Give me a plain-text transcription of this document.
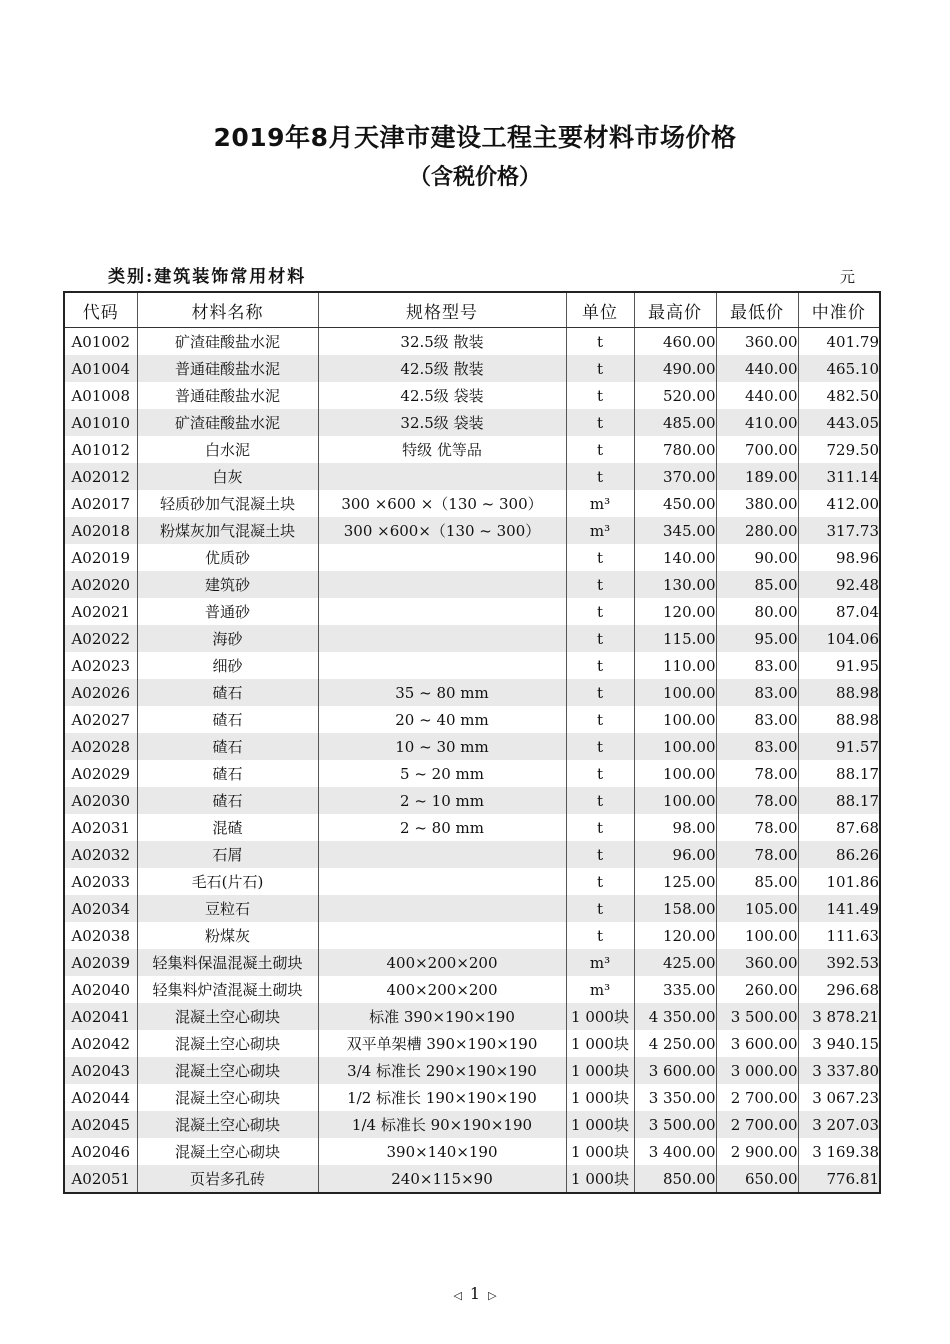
2019年8月天津市建设工程主要材料市场价格
（含税价格）
类别:建筑装饰常用材料	元
代码	材料名称	规格型号	单位	最高价	最低价	中准价
A01002	矿渣硅酸盐水泥	32.5级 散装	t	460.00	360.00	401.79
A01004	普通硅酸盐水泥	42.5级 散装	t	490.00	440.00	465.10
A01008	普通硅酸盐水泥	42.5级 袋装	t	520.00	440.00	482.50
A01010	矿渣硅酸盐水泥	32.5级 袋装	t	485.00	410.00	443.05
A01012	白水泥	特级 优等品	t	780.00	700.00	729.50
A02012	白灰		t	370.00	189.00	311.14
A02017	轻质砂加气混凝土块	300 ×600 ×（130 ~ 300）	m³	450.00	380.00	412.00
A02018	粉煤灰加气混凝土块	300 ×600×（130 ~ 300）	m³	345.00	280.00	317.73
A02019	优质砂		t	140.00	90.00	98.96
A02020	建筑砂		t	130.00	85.00	92.48
A02021	普通砂		t	120.00	80.00	87.04
A02022	海砂		t	115.00	95.00	104.06
A02023	细砂		t	110.00	83.00	91.95
A02026	碴石	35 ~ 80 mm	t	100.00	83.00	88.98
A02027	碴石	20 ~ 40 mm	t	100.00	83.00	88.98
A02028	碴石	10 ~ 30 mm	t	100.00	83.00	91.57
A02029	碴石	5 ~ 20 mm	t	100.00	78.00	88.17
A02030	碴石	2 ~ 10 mm	t	100.00	78.00	88.17
A02031	混碴	2 ~ 80 mm	t	98.00	78.00	87.68
A02032	石屑		t	96.00	78.00	86.26
A02033	毛石(片石)		t	125.00	85.00	101.86
A02034	豆粒石		t	158.00	105.00	141.49
A02038	粉煤灰		t	120.00	100.00	111.63
A02039	轻集料保温混凝土砌块	400×200×200	m³	425.00	360.00	392.53
A02040	轻集料炉渣混凝土砌块	400×200×200	m³	335.00	260.00	296.68
A02041	混凝土空心砌块	标准 390×190×190	1 000块	4 350.00	3 500.00	3 878.21
A02042	混凝土空心砌块	双平单架槽 390×190×190	1 000块	4 250.00	3 600.00	3 940.15
A02043	混凝土空心砌块	3/4 标准长 290×190×190	1 000块	3 600.00	3 000.00	3 337.80
A02044	混凝土空心砌块	1/2 标准长 190×190×190	1 000块	3 350.00	2 700.00	3 067.23
A02045	混凝土空心砌块	1/4 标准长 90×190×190	1 000块	3 500.00	2 700.00	3 207.03
A02046	混凝土空心砌块	390×140×190	1 000块	3 400.00	2 900.00	3 169.38
A02051	页岩多孔砖	240×115×90	1 000块	850.00	650.00	776.81
◁ 1 ▷
